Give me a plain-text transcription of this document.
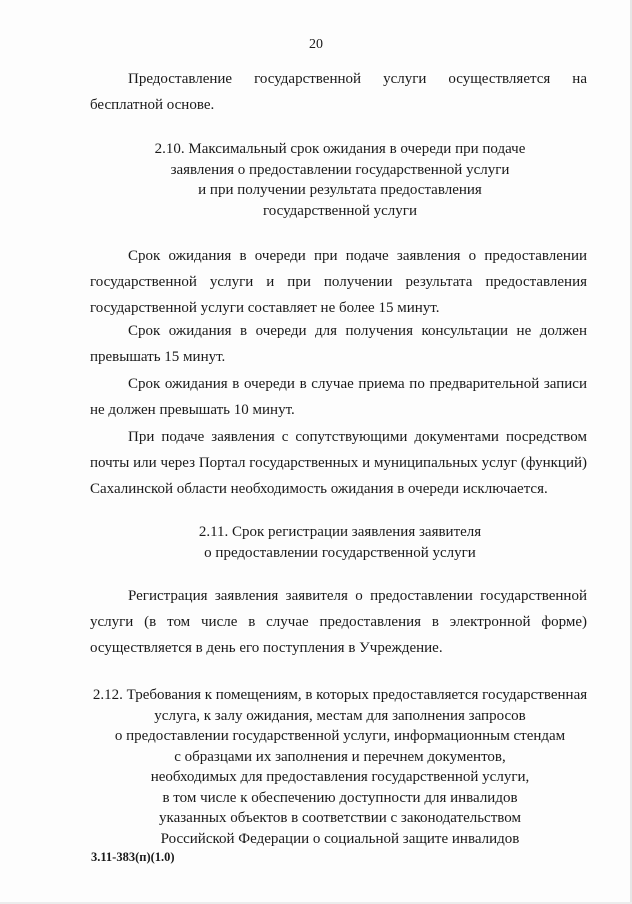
20

Предоставление государственной услуги осуществляется на бесплатной основе.

2.10. Максимальный срок ожидания в очереди при подаче
заявления о предоставлении государственной услуги
и при получении результата предоставления
государственной услуги

Срок ожидания в очереди при подаче заявления о предоставлении государственной услуги и при получении результата предоставления государственной услуги составляет не более 15 минут.

Срок ожидания в очереди для получения консультации не должен превышать 15 минут.

Срок ожидания в очереди в случае приема по предварительной записи не должен превышать 10 минут.

При подаче заявления с сопутствующими документами посредством почты или через Портал государственных и муниципальных услуг (функций) Сахалинской области необходимость ожидания в очереди исключается.

2.11. Срок регистрации заявления заявителя
о предоставлении государственной услуги

Регистрация заявления заявителя о предоставлении государственной услуги (в том числе в случае предоставления в электронной форме) осуществляется в день его поступления в Учреждение.

2.12. Требования к помещениям, в которых предоставляется государственная
услуга, к залу ожидания, местам для заполнения запросов
о предоставлении государственной услуги, информационным стендам
с образцами их заполнения и перечнем документов,
необходимых для предоставления государственной услуги,
в том числе к обеспечению доступности для инвалидов
указанных объектов в соответствии с законодательством
Российской Федерации о социальной защите инвалидов
3.11-383(п)(1.0)
